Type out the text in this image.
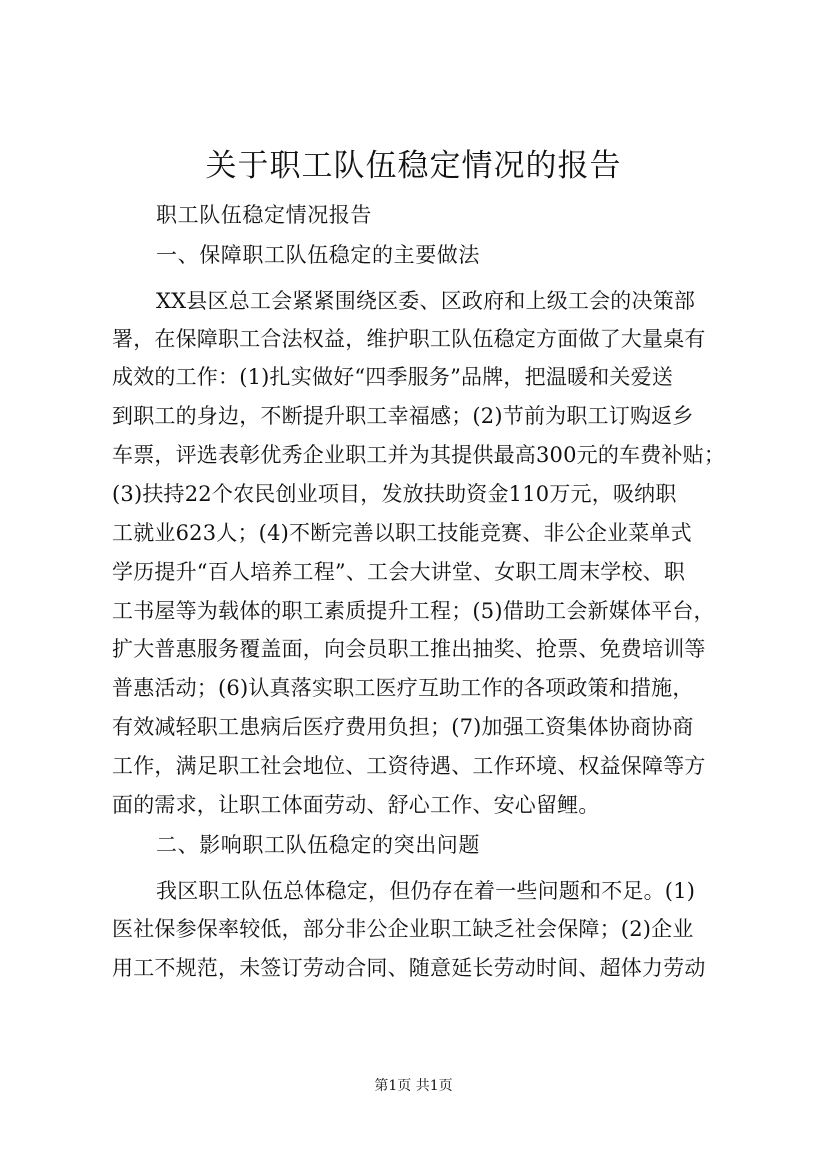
关于职工队伍稳定情况的报告
职工队伍稳定情况报告
一、保障职工队伍稳定的主要做法
XX县区总工会紧紧围绕区委、区政府和上级工会的决策部
署，在保障职工合法权益，维护职工队伍稳定方面做了大量桌有
成效的工作：(1)扎实做好“四季服务”品牌，把温暖和关爱送
到职工的身边，不断提升职工幸福感；(2)节前为职工订购返乡
车票，评选表彰优秀企业职工并为其提供最高300元的车费补贴；
(3)扶持22个农民创业项目，发放扶助资金110万元，吸纳职
工就业623人；(4)不断完善以职工技能竞赛、非公企业菜单式
学历提升“百人培养工程”、工会大讲堂、女职工周末学校、职
工书屋等为载体的职工素质提升工程；(5)借助工会新媒体平台，
扩大普惠服务覆盖面，向会员职工推出抽奖、抢票、免费培训等
普惠活动；(6)认真落实职工医疗互助工作的各项政策和措施，
有效减轻职工患病后医疗费用负担；(7)加强工资集体协商协商
工作，满足职工社会地位、工资待遇、工作环境、权益保障等方
面的需求，让职工体面劳动、舒心工作、安心留鲤。
二、影响职工队伍稳定的突出问题
我区职工队伍总体稳定，但仍存在着一些问题和不足。(1)
医社保参保率较低，部分非公企业职工缺乏社会保障；(2)企业
用工不规范，未签订劳动合同、随意延长劳动时间、超体力劳动
第1页 共1页
